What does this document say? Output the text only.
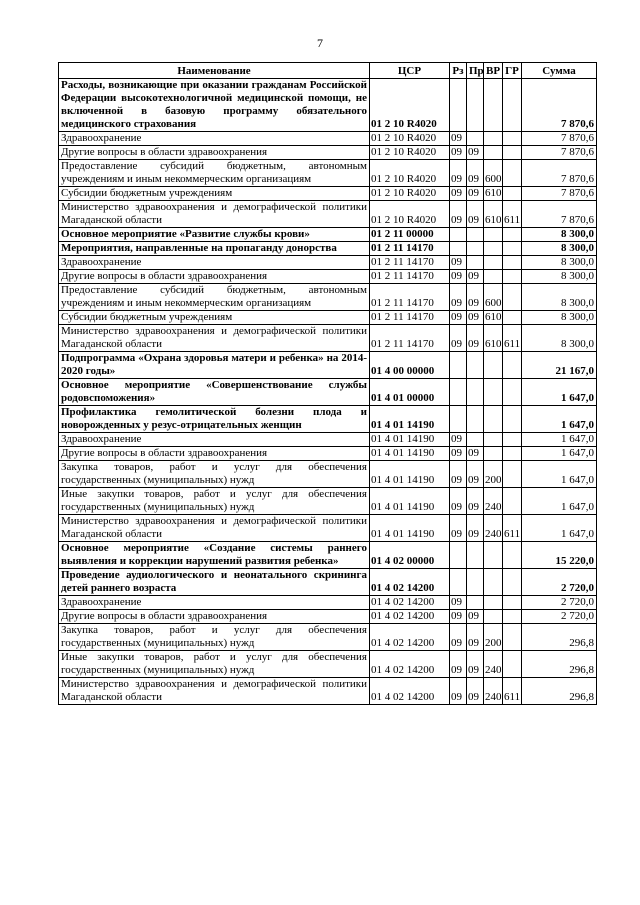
7
Наименование	ЦСР	Рз	Пр	ВР	ГР	Сумма
Расходы, возникающие при оказании гражданам Российской Федерации высокотехнологичной медицинской помощи, не включенной в базовую программу обязательного медицинского страхования	01 2 10 R4020					7 870,6
Здравоохранение	01 2 10 R4020	09				7 870,6
Другие вопросы в области здравоохранения	01 2 10 R4020	09	09			7 870,6
Предоставление субсидий бюджетным, автономным учреждениям и иным некоммерческим организациям	01 2 10 R4020	09	09	600		7 870,6
Субсидии бюджетным учреждениям	01 2 10 R4020	09	09	610		7 870,6
Министерство здравоохранения и демографической политики Магаданской области	01 2 10 R4020	09	09	610	611	7 870,6
Основное мероприятие «Развитие службы крови»	01 2 11 00000					8 300,0
Мероприятия, направленные на пропаганду донорства	01 2 11 14170					8 300,0
Здравоохранение	01 2 11 14170	09				8 300,0
Другие вопросы в области здравоохранения	01 2 11 14170	09	09			8 300,0
Предоставление субсидий бюджетным, автономным учреждениям и иным некоммерческим организациям	01 2 11 14170	09	09	600		8 300,0
Субсидии бюджетным учреждениям	01 2 11 14170	09	09	610		8 300,0
Министерство здравоохранения и демографической политики Магаданской области	01 2 11 14170	09	09	610	611	8 300,0
Подпрограмма «Охрана здоровья матери и ребенка» на 2014-2020 годы»	01 4 00 00000					21 167,0
Основное мероприятие «Совершенствование службы родовспоможения»	01 4 01 00000					1 647,0
Профилактика гемолитической болезни плода и новорожденных у резус-отрицательных женщин	01 4 01 14190					1 647,0
Здравоохранение	01 4 01 14190	09				1 647,0
Другие вопросы в области здравоохранения	01 4 01 14190	09	09			1 647,0
Закупка товаров, работ и услуг для обеспечения государственных (муниципальных) нужд	01 4 01 14190	09	09	200		1 647,0
Иные закупки товаров, работ и услуг для обеспечения государственных (муниципальных) нужд	01 4 01 14190	09	09	240		1 647,0
Министерство здравоохранения и демографической политики Магаданской области	01 4 01 14190	09	09	240	611	1 647,0
Основное мероприятие «Создание системы раннего выявления и коррекции нарушений развития ребенка»	01 4 02 00000					15 220,0
Проведение аудиологического и неонатального скрининга детей раннего возраста	01 4 02 14200					2 720,0
Здравоохранение	01 4 02 14200	09				2 720,0
Другие вопросы в области здравоохранения	01 4 02 14200	09	09			2 720,0
Закупка товаров, работ и услуг для обеспечения государственных (муниципальных) нужд	01 4 02 14200	09	09	200		296,8
Иные закупки товаров, работ и услуг для обеспечения государственных (муниципальных) нужд	01 4 02 14200	09	09	240		296,8
Министерство здравоохранения и демографической политики Магаданской области	01 4 02 14200	09	09	240	611	296,8
